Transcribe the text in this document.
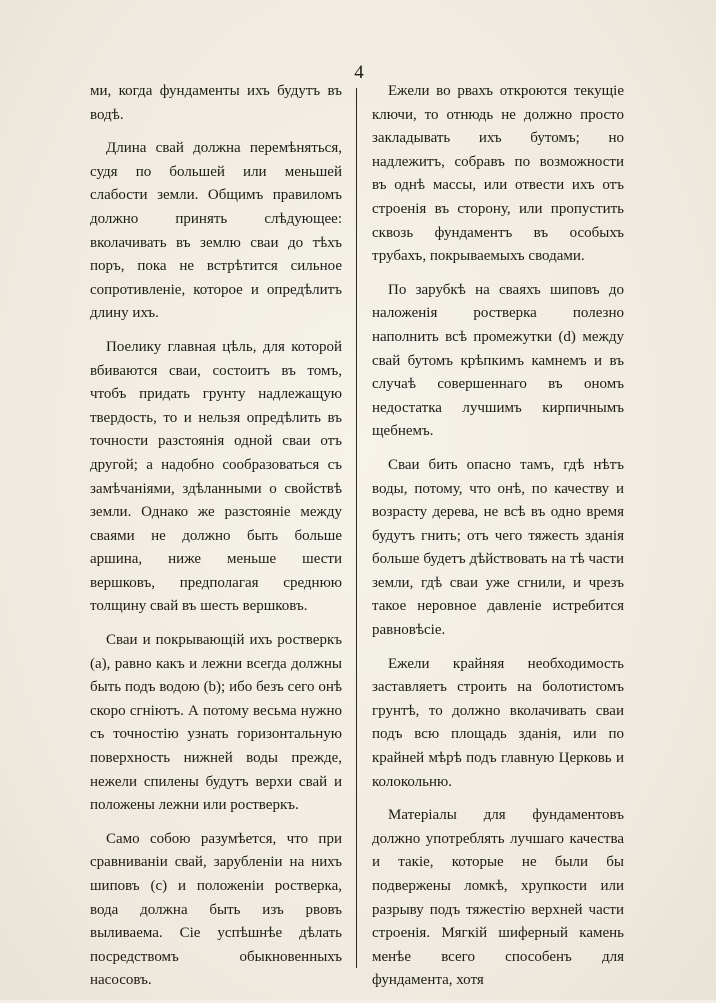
4

ми, когда фундаменты ихъ будутъ въ водѣ.

Длина свай должна перемѣняться, судя по большей или меньшей слабости земли. Общимъ правиломъ должно принять слѣдующее: вколачивать въ землю сваи до тѣхъ поръ, пока не встрѣтится сильное сопротивленіе, которое и опредѣлитъ длину ихъ.

Поелику главная цѣль, для которой вбиваются сваи, состоитъ въ томъ, чтобъ придать грунту надлежащую твердость, то и нельзя опредѣлить въ точности разстоянія одной сваи отъ другой; а надобно сообразоваться съ замѣчаніями, здѣланными о свойствѣ земли. Однако же разстояніе между сваями не должно быть больше аршина, ниже меньше шести вершковъ, предполагая среднюю толщину свай въ шесть вершковъ.

Сваи и покрывающій ихъ ростверкъ (a), равно какъ и лежни всегда должны быть подъ водою (b); ибо безъ сего онѣ скоро сгніютъ. А потому весьма нужно съ точностію узнать горизонтальную поверхность нижней воды прежде, нежели спилены будутъ верхи свай и положены лежни или ростверкъ.

Само собою разумѣется, что при сравниваніи свай, зарубленіи на нихъ шиповъ (c) и положеніи ростверка, вода должна быть изъ рвовъ выливаема. Сіе успѣшнѣе дѣлать посредствомъ обыкновенныхъ насосовъ.

Ежели во рвахъ откроются текущіе ключи, то отнюдь не должно просто закладывать ихъ бутомъ; но надлежитъ, собравъ по возможности въ однѣ массы, или отвести ихъ отъ строенія въ сторону, или пропустить сквозь фундаментъ въ особыхъ трубахъ, покрываемыхъ сводами.

По зарубкѣ на сваяхъ шиповъ до наложенія ростверка полезно наполнить всѣ промежутки (d) между свай бутомъ крѣпкимъ камнемъ и въ случаѣ совершеннаго въ ономъ недостатка лучшимъ кирпичнымъ щебнемъ.

Сваи бить опасно тамъ, гдѣ нѣтъ воды, потому, что онѣ, по качеству и возрасту дерева, не всѣ въ одно время будутъ гнить; отъ чего тяжесть зданія больше будетъ дѣйствовать на тѣ части земли, гдѣ сваи уже сгнили, и чрезъ такое неровное давленіе истребится равновѣсіе.

Ежели крайняя необходимость заставляетъ строить на болотистомъ грунтѣ, то должно вколачивать сваи подъ всю площадь зданія, или по крайней мѣрѣ подъ главную Церковь и колокольню.

Матеріалы для фундаментовъ должно употреблять лучшаго качества и такіе, которые не были бы подвержены ломкѣ, хрупкости или разрыву подъ тяжестію верхней части строенія. Мягкій шиферный камень менѣе всего способенъ для фундамента, хотя
